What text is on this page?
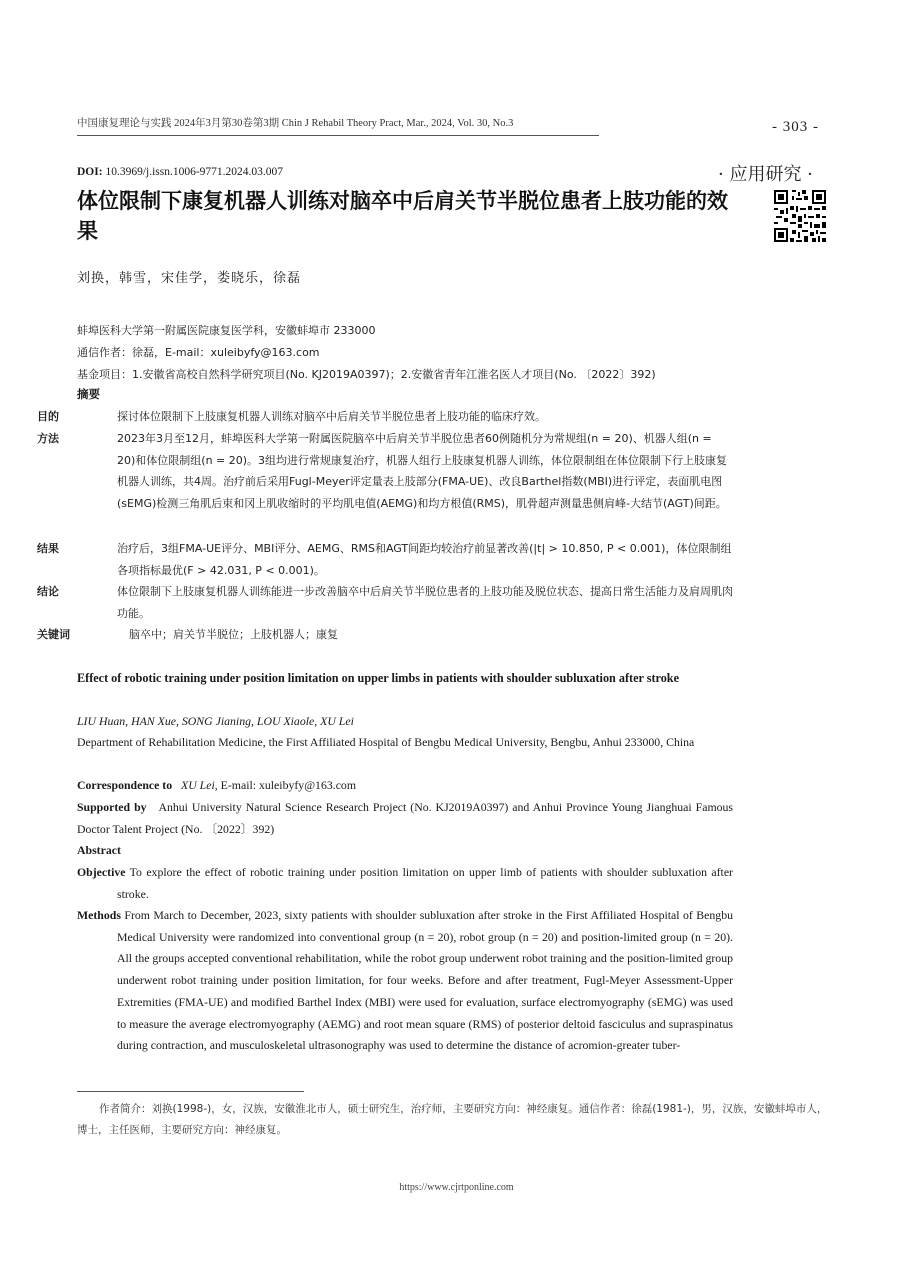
中国康复理论与实践 2024年3月第30卷第3期 Chin J Rehabil Theory Pract, Mar., 2024, Vol. 30, No.3	- 303 -
DOI: 10.3969/j.issn.1006-9771.2024.03.007	· 应用研究 ·
体位限制下康复机器人训练对脑卒中后肩关节半脱位患者上肢功能的效果
刘换，韩雪，宋佳学，娄晓乐，徐磊
蚌埠医科大学第一附属医院康复医学科，安徽蚌埠市 233000
通信作者：徐磊，E-mail：xuleibyfy@163.com
基金项目：1.安徽省高校自然科学研究项目(No. KJ2019A0397)；2.安徽省青年江淮名医人才项目(No. 〔2022〕392)
摘要
目的	探讨体位限制下上肢康复机器人训练对脑卒中后肩关节半脱位患者上肢功能的临床疗效。
方法	2023年3月至12月，蚌埠医科大学第一附属医院脑卒中后肩关节半脱位患者60例随机分为常规组(n = 20)、机器人组(n = 20)和体位限制组(n = 20)。3组均进行常规康复治疗，机器人组行上肢康复机器人训练，体位限制组在体位限制下行上肢康复机器人训练，共4周。治疗前后采用Fugl-Meyer评定量表上肢部分(FMA-UE)、改良Barthel指数(MBI)进行评定，表面肌电图(sEMG)检测三角肌后束和冈上肌收缩时的平均肌电值(AEMG)和均方根值(RMS)，肌骨超声测量患侧肩峰-大结节(AGT)间距。
结果	治疗后，3组FMA-UE评分、MBI评分、AEMG、RMS和AGT间距均较治疗前显著改善(|t| > 10.850, P < 0.001)，体位限制组各项指标最优(F > 42.031, P < 0.001)。
结论	体位限制下上肢康复机器人训练能进一步改善脑卒中后肩关节半脱位患者的上肢功能及脱位状态、提高日常生活能力及肩周肌肉功能。
关键词	脑卒中；肩关节半脱位；上肢机器人；康复
Effect of robotic training under position limitation on upper limbs in patients with shoulder subluxation after stroke
LIU Huan, HAN Xue, SONG Jianing, LOU Xiaole, XU Lei
Department of Rehabilitation Medicine, the First Affiliated Hospital of Bengbu Medical University, Bengbu, Anhui 233000, China
Correspondence to XU Lei, E-mail: xuleibyfy@163.com
Supported by Anhui University Natural Science Research Project (No. KJ2019A0397) and Anhui Province Young Jianghuai Famous Doctor Talent Project (No. 〔2022〕392)
Abstract
Objective To explore the effect of robotic training under position limitation on upper limb of patients with shoulder subluxation after stroke.
Methods From March to December, 2023, sixty patients with shoulder subluxation after stroke in the First Affiliated Hospital of Bengbu Medical University were randomized into conventional group (n = 20), robot group (n = 20) and position-limited group (n = 20). All the groups accepted conventional rehabilitation, while the robot group underwent robot training and the position-limited group underwent robot training under position limitation, for four weeks. Before and after treatment, Fugl-Meyer Assessment-Upper Extremities (FMA-UE) and modified Barthel Index (MBI) were used for evaluation, surface electromyography (sEMG) was used to measure the average electromyography (AEMG) and root mean square (RMS) of posterior deltoid fasciculus and supraspinatus during contraction, and musculoskeletal ultrasonography was used to determine the distance of acromion-greater tuber-
作者简介：刘换(1998-)，女，汉族，安徽淮北市人，硕士研究生，治疗师，主要研究方向：神经康复。通信作者：徐磊(1981-)，男，汉族，安徽蚌埠市人，博士，主任医师，主要研究方向：神经康复。
https://www.cjrtponline.com
